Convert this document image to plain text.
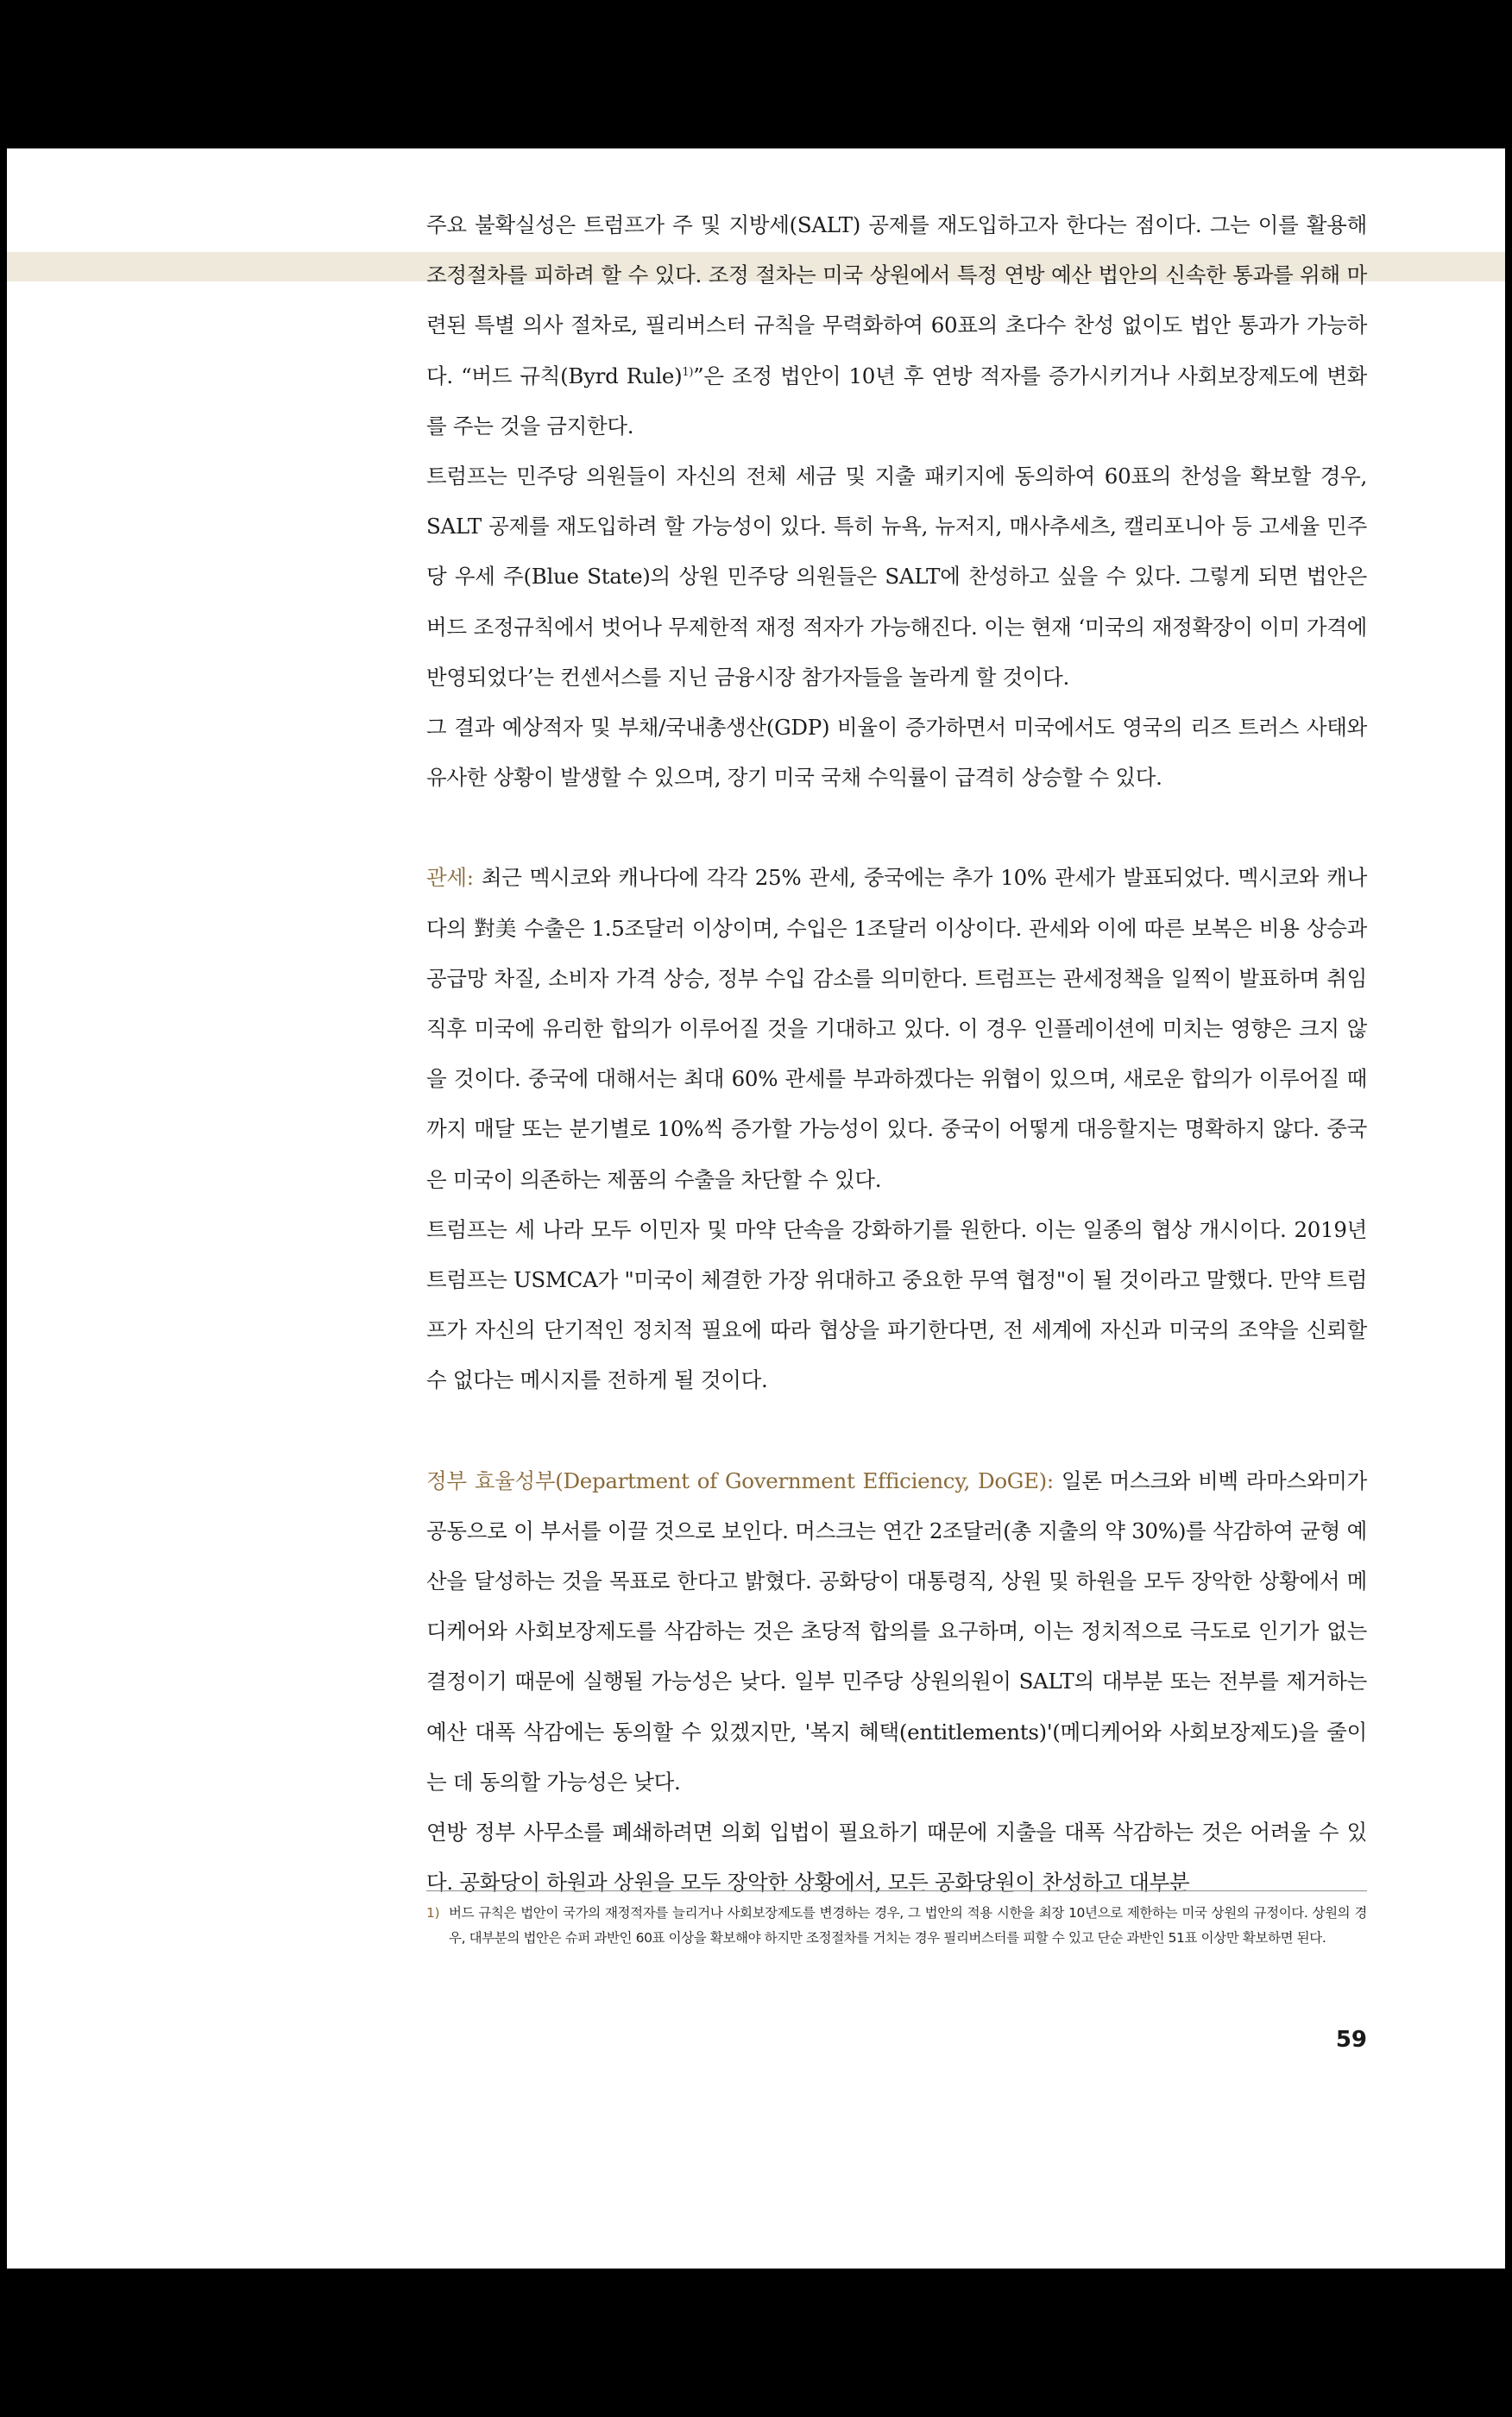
주요 불확실성은 트럼프가 주 및 지방세(SALT) 공제를 재도입하고자 한다는 점이다. 그는 이를 활용해 조정절차를 피하려 할 수 있다. 조정 절차는 미국 상원에서 특정 연방 예산 법안의 신속한 통과를 위해 마련된 특별 의사 절차로, 필리버스터 규칙을 무력화하여 60표의 초다수 찬성 없이도 법안 통과가 가능하다. “버드 규칙(Byrd Rule)$^{1)}$”은 조정 법안이 10년 후 연방 적자를 증가시키거나 사회보장제도에 변화를 주는 것을 금지한다.

트럼프는 민주당 의원들이 자신의 전체 세금 및 지출 패키지에 동의하여 60표의 찬성을 확보할 경우, SALT 공제를 재도입하려 할 가능성이 있다. 특히 뉴욕, 뉴저지, 매사추세츠, 캘리포니아 등 고세율 민주당 우세 주(Blue State)의 상원 민주당 의원들은 SALT에 찬성하고 싶을 수 있다. 그렇게 되면 법안은 버드 조정규칙에서 벗어나 무제한적 재정 적자가 가능해진다. 이는 현재 ‘미국의 재정확장이 이미 가격에 반영되었다’는 컨센서스를 지닌 금융시장 참가자들을 놀라게 할 것이다.

그 결과 예상적자 및 부채/국내총생산(GDP) 비율이 증가하면서 미국에서도 영국의 리즈 트러스 사태와 유사한 상황이 발생할 수 있으며, 장기 미국 국채 수익률이 급격히 상승할 수 있다.

관세: 최근 멕시코와 캐나다에 각각 25% 관세, 중국에는 추가 10% 관세가 발표되었다. 멕시코와 캐나다의 對美 수출은 1.5조달러 이상이며, 수입은 1조달러 이상이다. 관세와 이에 따른 보복은 비용 상승과 공급망 차질, 소비자 가격 상승, 정부 수입 감소를 의미한다. 트럼프는 관세정책을 일찍이 발표하며 취임 직후 미국에 유리한 합의가 이루어질 것을 기대하고 있다. 이 경우 인플레이션에 미치는 영향은 크지 않을 것이다. 중국에 대해서는 최대 60% 관세를 부과하겠다는 위협이 있으며, 새로운 합의가 이루어질 때까지 매달 또는 분기별로 10%씩 증가할 가능성이 있다. 중국이 어떻게 대응할지는 명확하지 않다. 중국은 미국이 의존하는 제품의 수출을 차단할 수 있다.

트럼프는 세 나라 모두 이민자 및 마약 단속을 강화하기를 원한다. 이는 일종의 협상 개시이다. 2019년 트럼프는 USMCA가 "미국이 체결한 가장 위대하고 중요한 무역 협정"이 될 것이라고 말했다. 만약 트럼프가 자신의 단기적인 정치적 필요에 따라 협상을 파기한다면, 전 세계에 자신과 미국의 조약을 신뢰할 수 없다는 메시지를 전하게 될 것이다.

정부 효율성부(Department of Government Efficiency, DoGE): 일론 머스크와 비벡 라마스와미가 공동으로 이 부서를 이끌 것으로 보인다. 머스크는 연간 2조달러(총 지출의 약 30%)를 삭감하여 균형 예산을 달성하는 것을 목표로 한다고 밝혔다. 공화당이 대통령직, 상원 및 하원을 모두 장악한 상황에서 메디케어와 사회보장제도를 삭감하는 것은 초당적 합의를 요구하며, 이는 정치적으로 극도로 인기가 없는 결정이기 때문에 실행될 가능성은 낮다. 일부 민주당 상원의원이 SALT의 대부분 또는 전부를 제거하는 예산 대폭 삭감에는 동의할 수 있겠지만, '복지 혜택(entitlements)'(메디케어와 사회보장제도)을 줄이는 데 동의할 가능성은 낮다.

연방 정부 사무소를 폐쇄하려면 의회 입법이 필요하기 때문에 지출을 대폭 삭감하는 것은 어려울 수 있다. 공화당이 하원과 상원을 모두 장악한 상황에서, 모든 공화당원이 찬성하고 대부분

1) 버드 규칙은 법안이 국가의 재정적자를 늘리거나 사회보장제도를 변경하는 경우, 그 법안의 적용 시한을 최장 10년으로 제한하는 미국 상원의 규정이다. 상원의 경우, 대부분의 법안은 슈퍼 과반인 60표 이상을 확보해야 하지만 조정절차를 거치는 경우 필리버스터를 피할 수 있고 단순 과반인 51표 이상만 확보하면 된다.
59
